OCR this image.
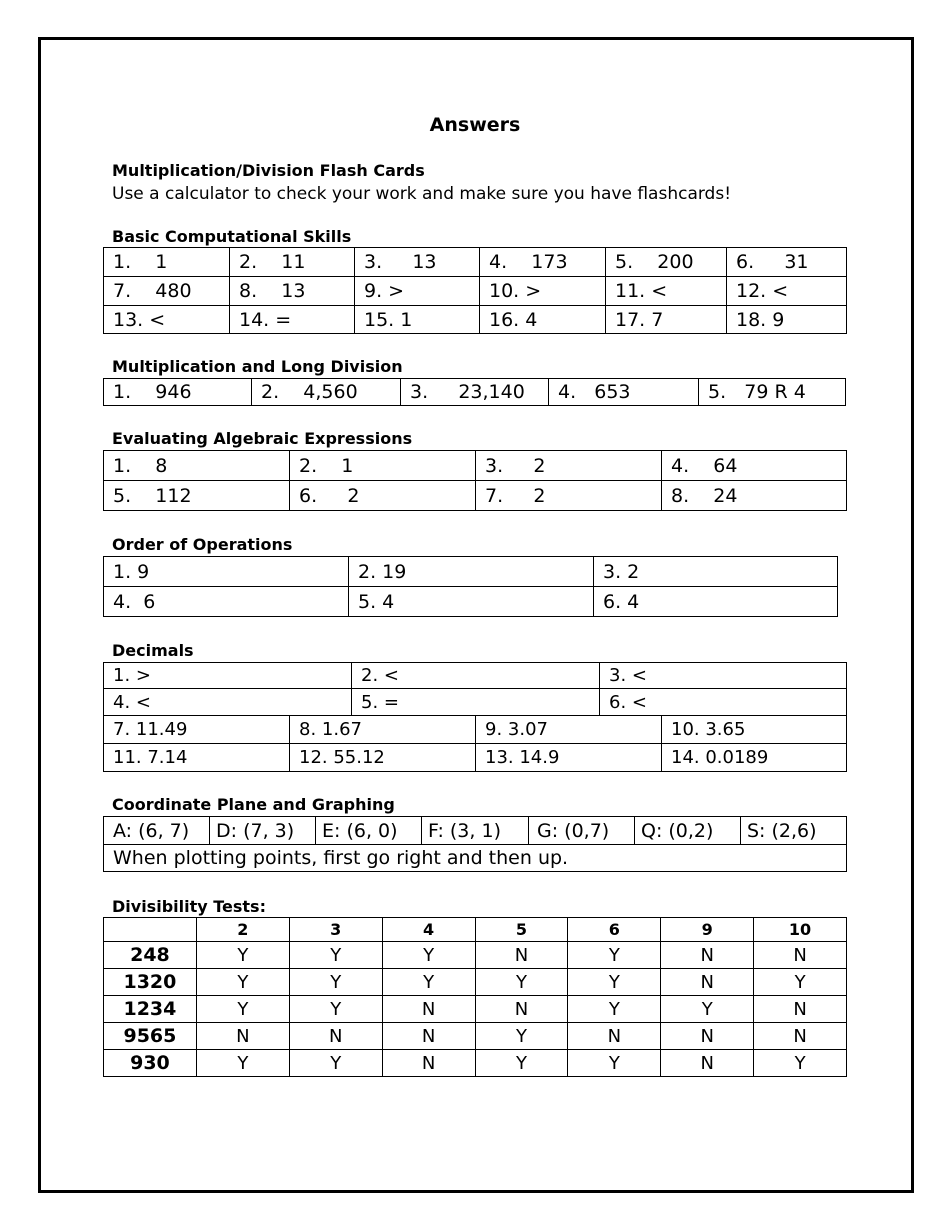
Answers
Multiplication/Division Flash Cards
Use a calculator to check your work and make sure you have flashcards!
Basic Computational Skills
1.    1	2.    11	3.     13	4.    173	5.    200	6.     31
7.    480	8.    13	9. >	10. >	11. <	12. <
13. <	14. =	15. 1	16. 4	17. 7	18. 9
Multiplication and Long Division
1.    946	2.    4,560	3.     23,140	4.   653	5.   79 R 4
Evaluating Algebraic Expressions
1.    8	2.    1	3.     2	4.    64
5.    112	6.     2	7.     2	8.    24
Order of Operations
1. 9	2. 19	3. 2
4.  6	5. 4	6. 4
Decimals
1. >	2. <	3. <
4. <	5. =	6. <
7. 11.49	8. 1.67	9. 3.07	10. 3.65
11. 7.14	12. 55.12	13. 14.9	14. 0.0189
Coordinate Plane and Graphing
A: (6, 7)	D: (7, 3)	E: (6, 0)	F: (3, 1)	G: (0,7)	Q: (0,2)	S: (2,6)
When plotting points, first go right and then up.
Divisibility Tests:
	2	3	4	5	6	9	10
248	Y	Y	Y	N	Y	N	N
1320	Y	Y	Y	Y	Y	N	Y
1234	Y	Y	N	N	Y	Y	N
9565	N	N	N	Y	N	N	N
930	Y	Y	N	Y	Y	N	Y
